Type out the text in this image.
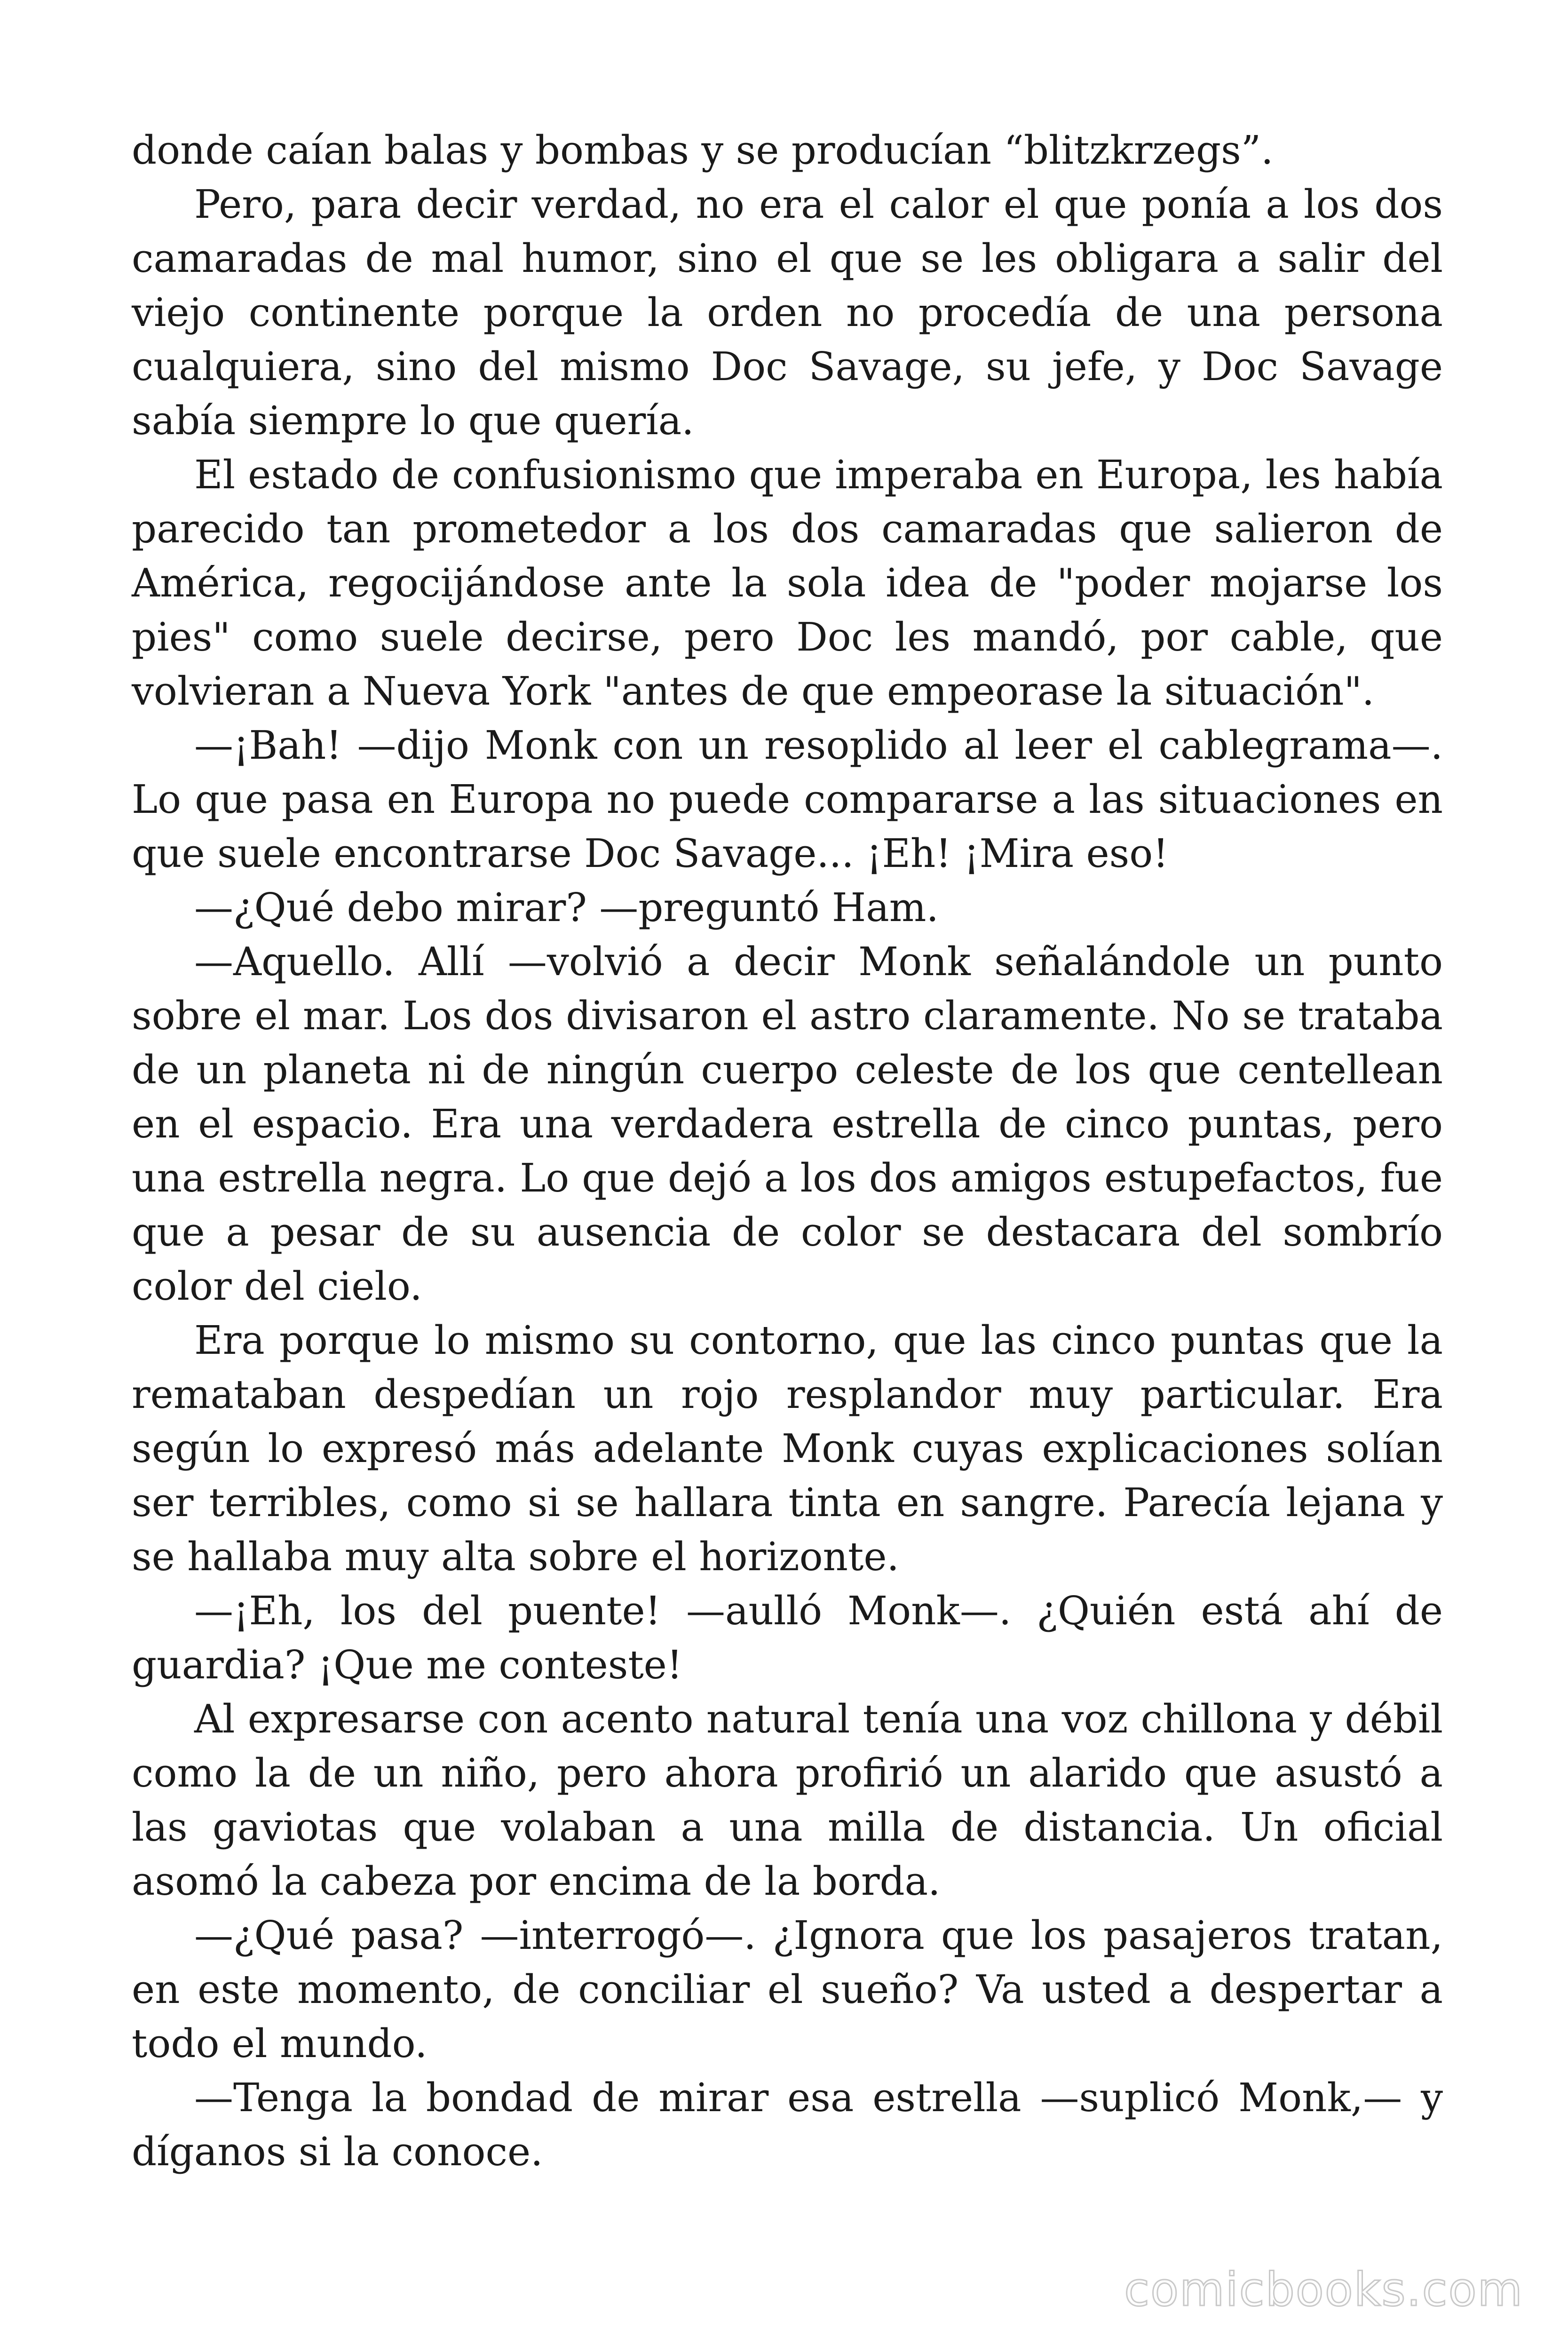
donde caían balas y bombas y se producían “blitzkrzegs”.

Pero, para decir verdad, no era el calor el que ponía a los dos camaradas de mal humor, sino el que se les obligara a salir del viejo continente porque la orden no procedía de una persona cualquiera, sino del mismo Doc Savage, su jefe, y Doc Savage sabía siempre lo que quería.

El estado de confusionismo que imperaba en Europa, les había parecido tan prometedor a los dos camaradas que salieron de América, regocijándose ante la sola idea de "poder mojarse los pies" como suele decirse, pero Doc les mandó, por cable, que volvieran a Nueva York "antes de que empeorase la situación".

—¡Bah! —dijo Monk con un resoplido al leer el cablegrama—. Lo que pasa en Europa no puede compararse a las situaciones en que suele encontrarse Doc Savage... ¡Eh! ¡Mira eso!

—¿Qué debo mirar? —preguntó Ham.

—Aquello. Allí —volvió a decir Monk señalándole un punto sobre el mar. Los dos divisaron el astro claramente. No se trataba de un planeta ni de ningún cuerpo celeste de los que centellean en el espacio. Era una verdadera estrella de cinco puntas, pero una estrella negra. Lo que dejó a los dos amigos estupefactos, fue que a pesar de su ausencia de color se destacara del sombrío color del cielo.

Era porque lo mismo su contorno, que las cinco puntas que la remataban despedían un rojo resplandor muy particular. Era según lo expresó más adelante Monk cuyas explicaciones solían ser terribles, como si se hallara tinta en sangre. Parecía lejana y se hallaba muy alta sobre el horizonte.

—¡Eh, los del puente! —aulló Monk—. ¿Quién está ahí de guardia? ¡Que me conteste!

Al expresarse con acento natural tenía una voz chillona y débil como la de un niño, pero ahora profirió un alarido que asustó a las gaviotas que volaban a una milla de distancia. Un oficial asomó la cabeza por encima de la borda.

—¿Qué pasa? —interrogó—. ¿Ignora que los pasajeros tratan, en este momento, de conciliar el sueño? Va usted a despertar a todo el mundo.

—Tenga la bondad de mirar esa estrella —suplicó Monk,— y díganos si la conoce.

comicbooks.com
